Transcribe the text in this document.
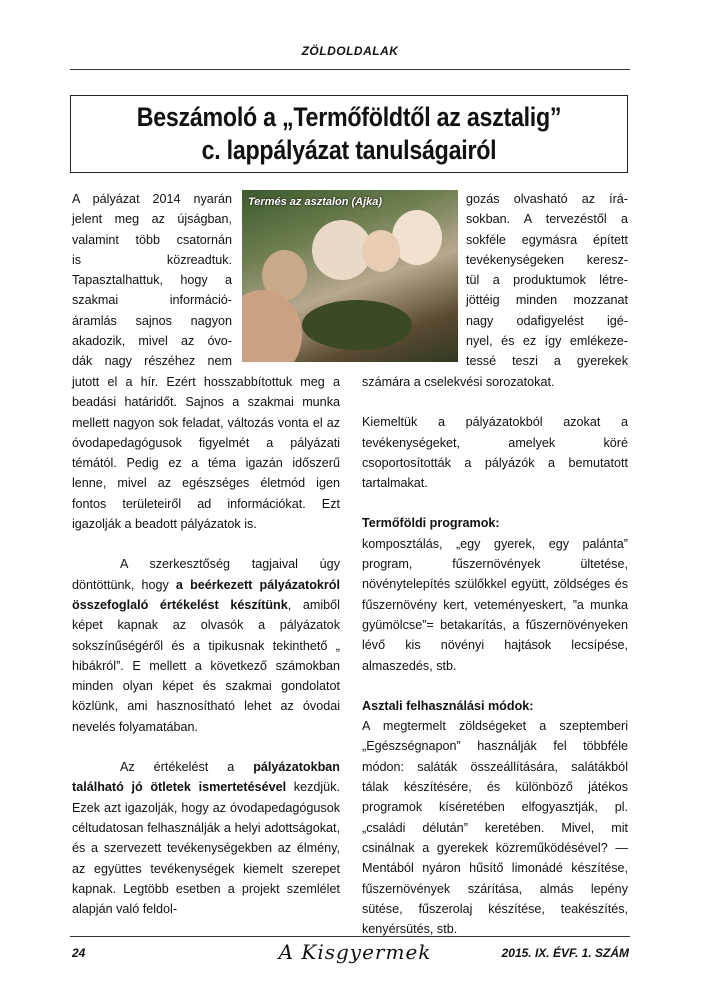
ZÖLDOLDALAK
Beszámoló a „Termőföldtől az asztalig”
c. lappályázat tanulságairól
Termés az asztalon (Ajka)

A pályázat 2014 nyarán

jelent meg az újságban,

valamint több csatornán

is közreadtuk.

Tapasztalhattuk, hogy a

szakmai információ-

áramlás sajnos nagyon

akadozik, mivel az óvo-

dák nagy részéhez nem

jutott el a hír. Ezért hosszabbítottuk meg a beadási határidőt. Sajnos a szakmai munka mellett nagyon sok feladat, változás vonta el az óvodapedagógusok figyelmét a pályázati témától. Pedig ez a téma igazán időszerű lenne, mivel az egészséges életmód igen fontos területeiről ad információkat. Ezt igazolják a beadott pályázatok is.

A szerkesztőség tagjaival úgy döntöttünk, hogy a beérkezett pályázatokról összefoglaló értékelést készítünk, amiből képet kapnak az olvasók a pályázatok sokszínűségéről és a tipikusnak tekinthető „ hibákról”. E mellett a következő számokban minden olyan képet és szakmai gondolatot közlünk, ami hasznosítható lehet az óvodai nevelés folyamatában.

Az értékelést a pályázatokban található jó ötletek ismertetésével kezdjük. Ezek azt igazolják, hogy az óvodapedagógusok céltudatosan felhasználják a helyi adottságokat, és a szervezett tevékenységekben az élmény, az együttes tevékenységek kiemelt szerepet kapnak. Legtöbb esetben a projekt szemlélet alapján való feldol-

gozás olvasható az írá-

sokban. A tervezéstől a

sokféle egymásra épített

tevékenységeken keresz-

tül a produktumok létre-

jöttéig minden mozzanat

nagy odafigyelést igé-

nyel, és ez így emlékeze-

tessé teszi a gyerekek

számára a cselekvési sorozatokat.

Kiemeltük a pályázatokból azokat a tevékenységeket, amelyek köré csoportosították a pályázók a bemutatott tartalmakat.

Termőföldi programok:

komposztálás, „egy gyerek, egy palánta” program, fűszernövények ültetése, növénytelepítés szülőkkel együtt, zöldséges és fűszernövény kert, veteményeskert, ”a munka gyümölcse”= betakarítás, a fűszernövényeken lévő kis növényi hajtások lecsípése, almaszedés, stb.

Asztali felhasználási módok:

A megtermelt zöldségeket a szeptemberi „Egészségnapon” használják fel többféle módon: saláták összeállítására, salátákból tálak készítésére, és különböző játékos programok kíséretében elfogyasztják, pl. „családi délután” keretében. Mivel, mit csinálnak a gyerekek közreműködésével? — Mentából nyáron hűsítő limonádé készítése, fűszernövények szárítása, almás lepény sütése, fűszerolaj készítése, teakészítés, kenyérsütés, stb.

24	A Kisgyermek	2015. IX. ÉVF. 1. SZÁM
